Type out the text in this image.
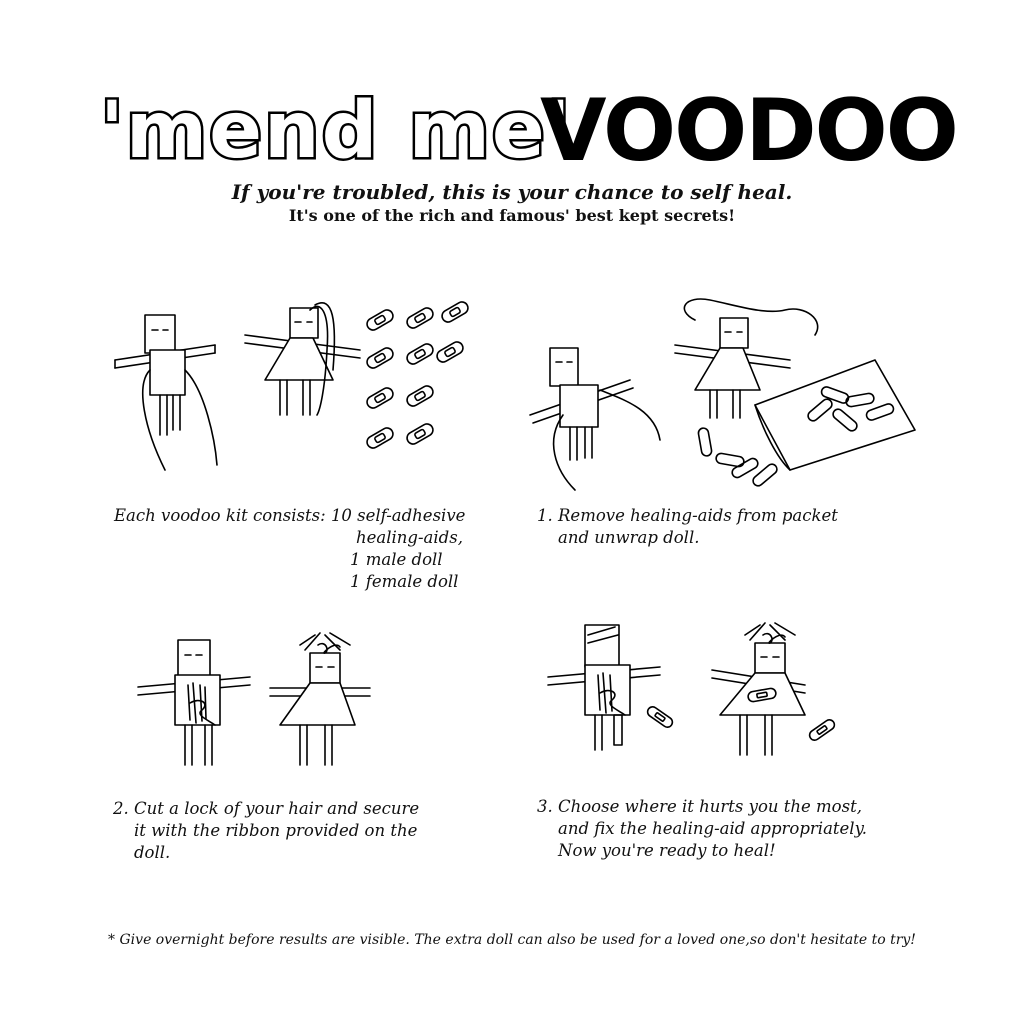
'mend me'
VOODOO

If you're troubled, this is your chance to self heal.

It's one of the rich and famous' best kept secrets!

Each voodoo kit consists: 10 self-adhesive
healing-aids,
1 male doll
1 female doll
1. Remove healing-aids from packet
and unwrap doll.
2. Cut a lock of your hair and secure
it with the ribbon provided on the
doll.
3. Choose where it hurts you the most,
and fix the healing-aid appropriately.
Now you're ready to heal!

* Give overnight before results are visible. The extra doll can also be used for a loved one,so don't hesitate to try!
